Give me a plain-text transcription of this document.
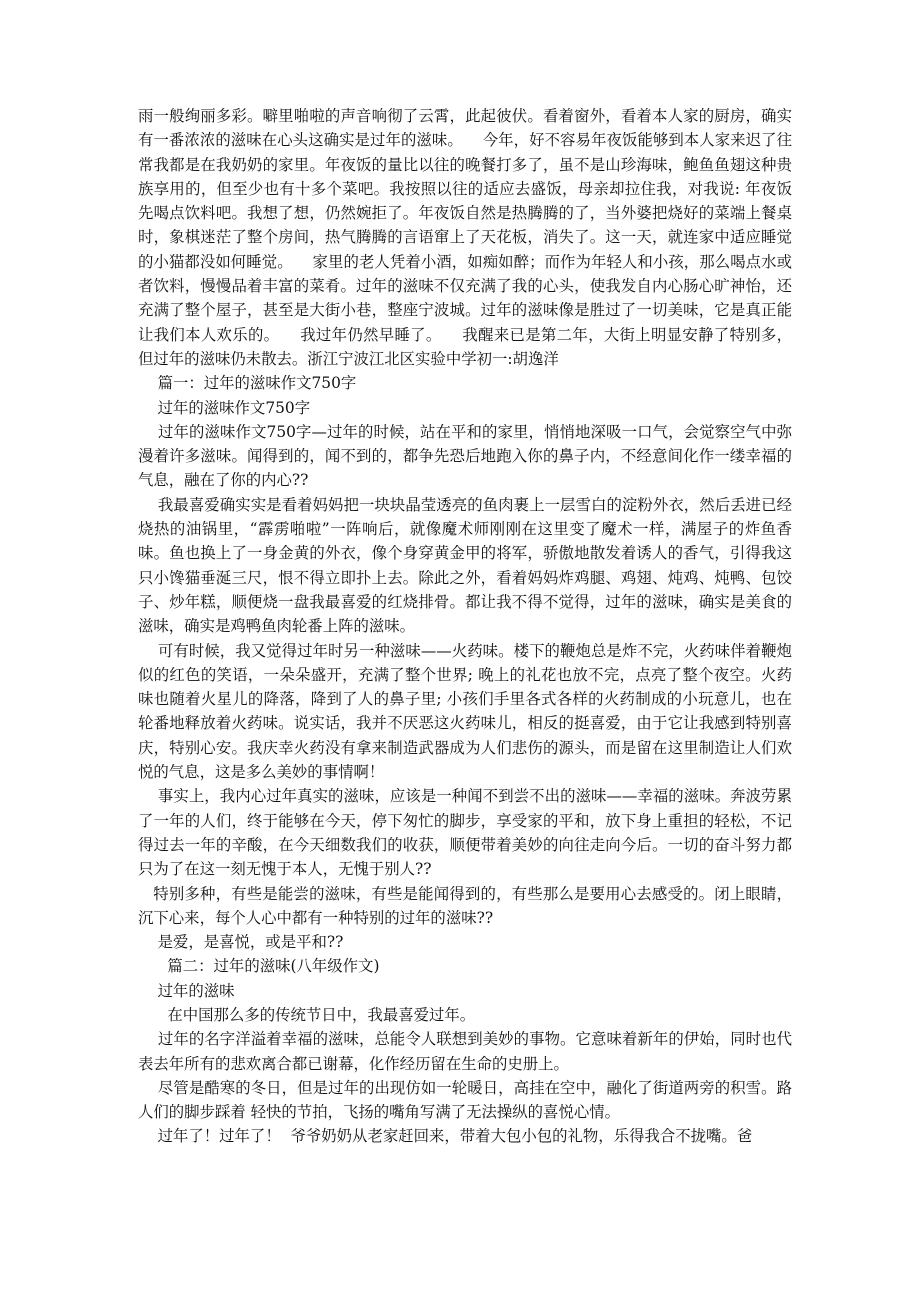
雨一般绚丽多彩。噼里啪啦的声音响彻了云霄，此起彼伏。看着窗外，看着本人家的厨房，确实有一番浓浓的滋味在心头这确实是过年的滋味。    今年，好不容易年夜饭能够到本人家来迟了往常我都是在我奶奶的家里。年夜饭的量比以往的晚餐打多了，虽不是山珍海味，鲍鱼鱼翅这种贵族享用的，但至少也有十多个菜吧。我按照以往的适应去盛饭，母亲却拉住我，对我说: 年夜饭先喝点饮料吧。我想了想，仍然婉拒了。年夜饭自然是热腾腾的了，当外婆把烧好的菜端上餐桌时，象棋迷茫了整个房间，热气腾腾的言语窜上了天花板，消失了。这一天，就连家中适应睡觉的小猫都没如何睡觉。    家里的老人凭着小酒，如痴如醉；而作为年轻人和小孩，那么喝点水或者饮料，慢慢品着丰富的菜肴。过年的滋味不仅充满了我的心头，使我发自内心肠心旷神怡，还充满了整个屋子，甚至是大街小巷，整座宁波城。过年的滋味像是胜过了一切美味，它是真正能让我们本人欢乐的。    我过年仍然早睡了。    我醒来已是第二年，大街上明显安静了特别多，但过年的滋味仍未散去。浙江宁波江北区实验中学初一:胡逸洋

篇一：过年的滋味作文750字

过年的滋味作文750字

过年的滋味作文750字—过年的时候，站在平和的家里，悄悄地深吸一口气，会觉察空气中弥漫着许多滋味。闻得到的，闻不到的，都争先恐后地跑入你的鼻子内，不经意间化作一缕幸福的气息，融在了你的内心??

我最喜爱确实实是看着妈妈把一块块晶莹透亮的鱼肉裹上一层雪白的淀粉外衣，然后丢进已经烧热的油锅里，“霹雳啪啦”一阵响后，就像魔术师刚刚在这里变了魔术一样，满屋子的炸鱼香味。鱼也换上了一身金黄的外衣，像个身穿黄金甲的将军，骄傲地散发着诱人的香气，引得我这只小馋猫垂涎三尺，恨不得立即扑上去。除此之外，看着妈妈炸鸡腿、鸡翅、炖鸡、炖鸭、包饺子、炒年糕，顺便烧一盘我最喜爱的红烧排骨。都让我不得不觉得，过年的滋味，确实是美食的滋味，确实是鸡鸭鱼肉轮番上阵的滋味。

可有时候，我又觉得过年时另一种滋味——火药味。楼下的鞭炮总是炸不完，火药味伴着鞭炮似的红色的笑语，一朵朵盛开，充满了整个世界; 晚上的礼花也放不完，点亮了整个夜空。火药味也随着火星儿的降落，降到了人的鼻子里; 小孩们手里各式各样的火药制成的小玩意儿，也在轮番地释放着火药味。说实话，我并不厌恶这火药味儿，相反的挺喜爱，由于它让我感到特别喜庆，特别心安。我庆幸火药没有拿来制造武器成为人们悲伤的源头，而是留在这里制造让人们欢悦的气息，这是多么美妙的事情啊！

事实上，我内心过年真实的滋味，应该是一种闻不到尝不出的滋味——幸福的滋味。奔波劳累了一年的人们，终于能够在今天，停下匆忙的脚步，享受家的平和，放下身上重担的轻松，不记得过去一年的辛酸，在今天细数我们的收获，顺便带着美妙的向往走向今后。一切的奋斗努力都只为了在这一刻无愧于本人，无愧于别人??

特别多种，有些是能尝的滋味，有些是能闻得到的，有些那么是要用心去感受的。闭上眼睛，沉下心来，每个人心中都有一种特别的过年的滋味??

是爱，是喜悦，或是平和??

篇二：过年的滋味(八年级作文)

过年的滋味

在中国那么多的传统节日中，我最喜爱过年。

过年的名字洋溢着幸福的滋味，总能令人联想到美妙的事物。它意味着新年的伊始，同时也代表去年所有的悲欢离合都已谢幕，化作经历留在生命的史册上。

尽管是酷寒的冬日，但是过年的出现仿如一轮暖日，高挂在空中，融化了街道两旁的积雪。路人们的脚步踩着 轻快的节拍，飞扬的嘴角写满了无法操纵的喜悦心情。

过年了！过年了！  爷爷奶奶从老家赶回来，带着大包小包的礼物，乐得我合不拢嘴。爸
